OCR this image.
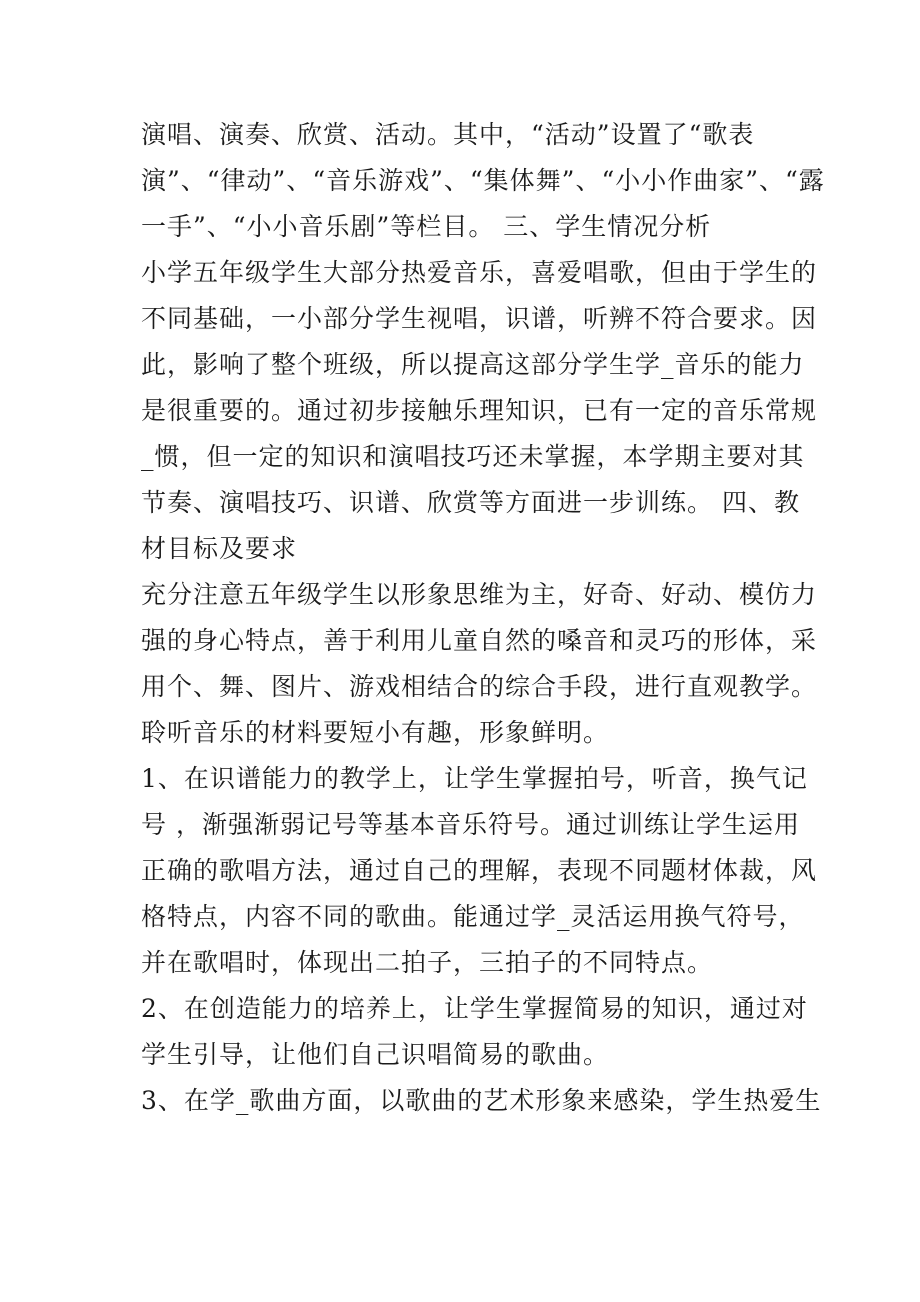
演唱、演奏、欣赏、活动。其中，“活动”设置了“歌表
演”、“律动”、“音乐游戏”、“集体舞”、“小小作曲家”、“露
一手”、“小小音乐剧”等栏目。 三、学生情况分析
小学五年级学生大部分热爱音乐，喜爱唱歌，但由于学生的
不同基础，一小部分学生视唱，识谱，听辨不符合要求。因
此，影响了整个班级，所以提高这部分学生学_音乐的能力
是很重要的。通过初步接触乐理知识，已有一定的音乐常规
_惯，但一定的知识和演唱技巧还未掌握，本学期主要对其
节奏、演唱技巧、识谱、欣赏等方面进一步训练。 四、教
材目标及要求
充分注意五年级学生以形象思维为主，好奇、好动、模仿力
强的身心特点，善于利用儿童自然的嗓音和灵巧的形体，采
用个、舞、图片、游戏相结合的综合手段，进行直观教学。
聆听音乐的材料要短小有趣，形象鲜明。
1、在识谱能力的教学上，让学生掌握拍号，听音，换气记
号 ，渐强渐弱记号等基本音乐符号。通过训练让学生运用
正确的歌唱方法，通过自己的理解，表现不同题材体裁，风
格特点，内容不同的歌曲。能通过学_灵活运用换气符号，
并在歌唱时，体现出二拍子，三拍子的不同特点。
2、在创造能力的培养上，让学生掌握简易的知识，通过对
学生引导，让他们自己识唱简易的歌曲。
3、在学_歌曲方面，以歌曲的艺术形象来感染，学生热爱生
